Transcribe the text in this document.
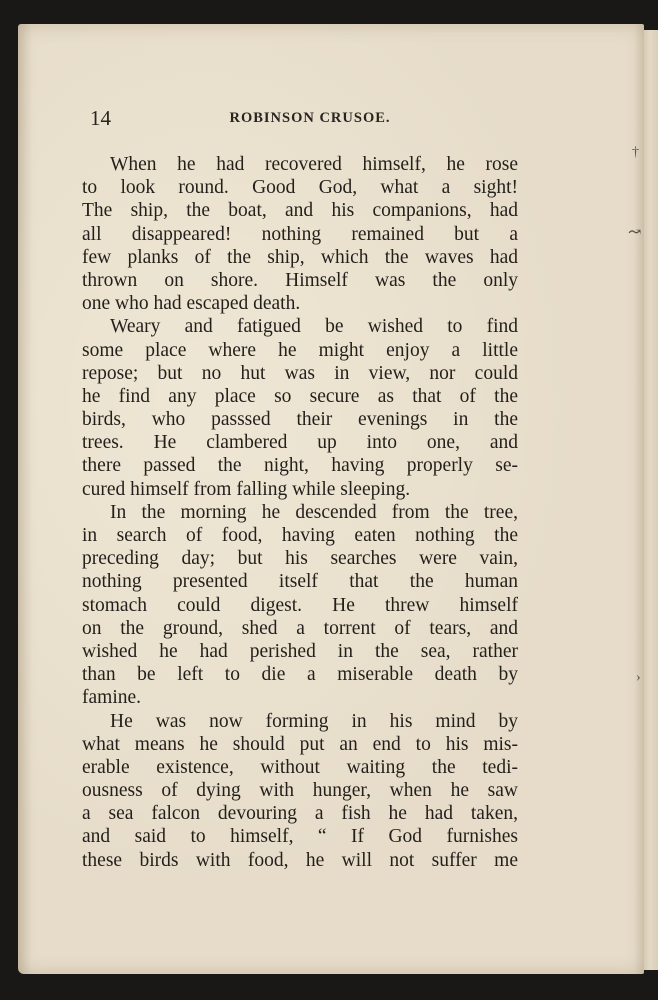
14	ROBINSON CRUSOE.
When he had recovered himself, he rose
to look round. Good God, what a sight!
The ship, the boat, and his companions, had
all disappeared! nothing remained but a
few planks of the ship, which the waves had
thrown on shore. Himself was the only
one who had escaped death.
Weary and fatigued be wished to find
some place where he might enjoy a little
repose; but no hut was in view, nor could
he find any place so secure as that of the
birds, who passsed their evenings in the
trees. He clambered up into one, and
there passed the night, having properly se-
cured himself from falling while sleeping.
In the morning he descended from the tree,
in search of food, having eaten nothing the
preceding day; but his searches were vain,
nothing presented itself that the human
stomach could digest. He threw himself
on the ground, shed a torrent of tears, and
wished he had perished in the sea, rather
than be left to die a miserable death by
famine.
He was now forming in his mind by
what means he should put an end to his mis-
erable existence, without waiting the tedi-
ousness of dying with hunger, when he saw
a sea falcon devouring a fish he had taken,
and said to himself, “ If God furnishes
these birds with food, he will not suffer me
†
↝
›
